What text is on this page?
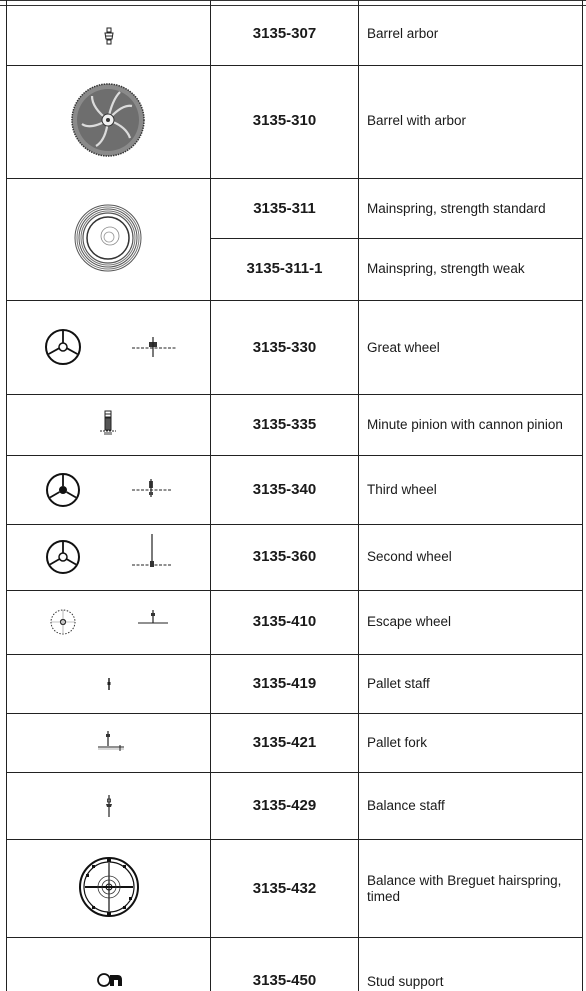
3135-307	Barrel arbor
3135-310	Barrel with arbor
3135-311	Mainspring, strength standard
3135-311-1	Mainspring, strength weak
3135-330	Great wheel
3135-335	Minute pinion with cannon pinion
3135-340	Third wheel
3135-360	Second wheel
3135-410	Escape wheel
3135-419	Pallet staff
3135-421	Pallet fork
3135-429	Balance staff
3135-432	Balance with Breguet hairspring, timed
3135-450	Stud support
